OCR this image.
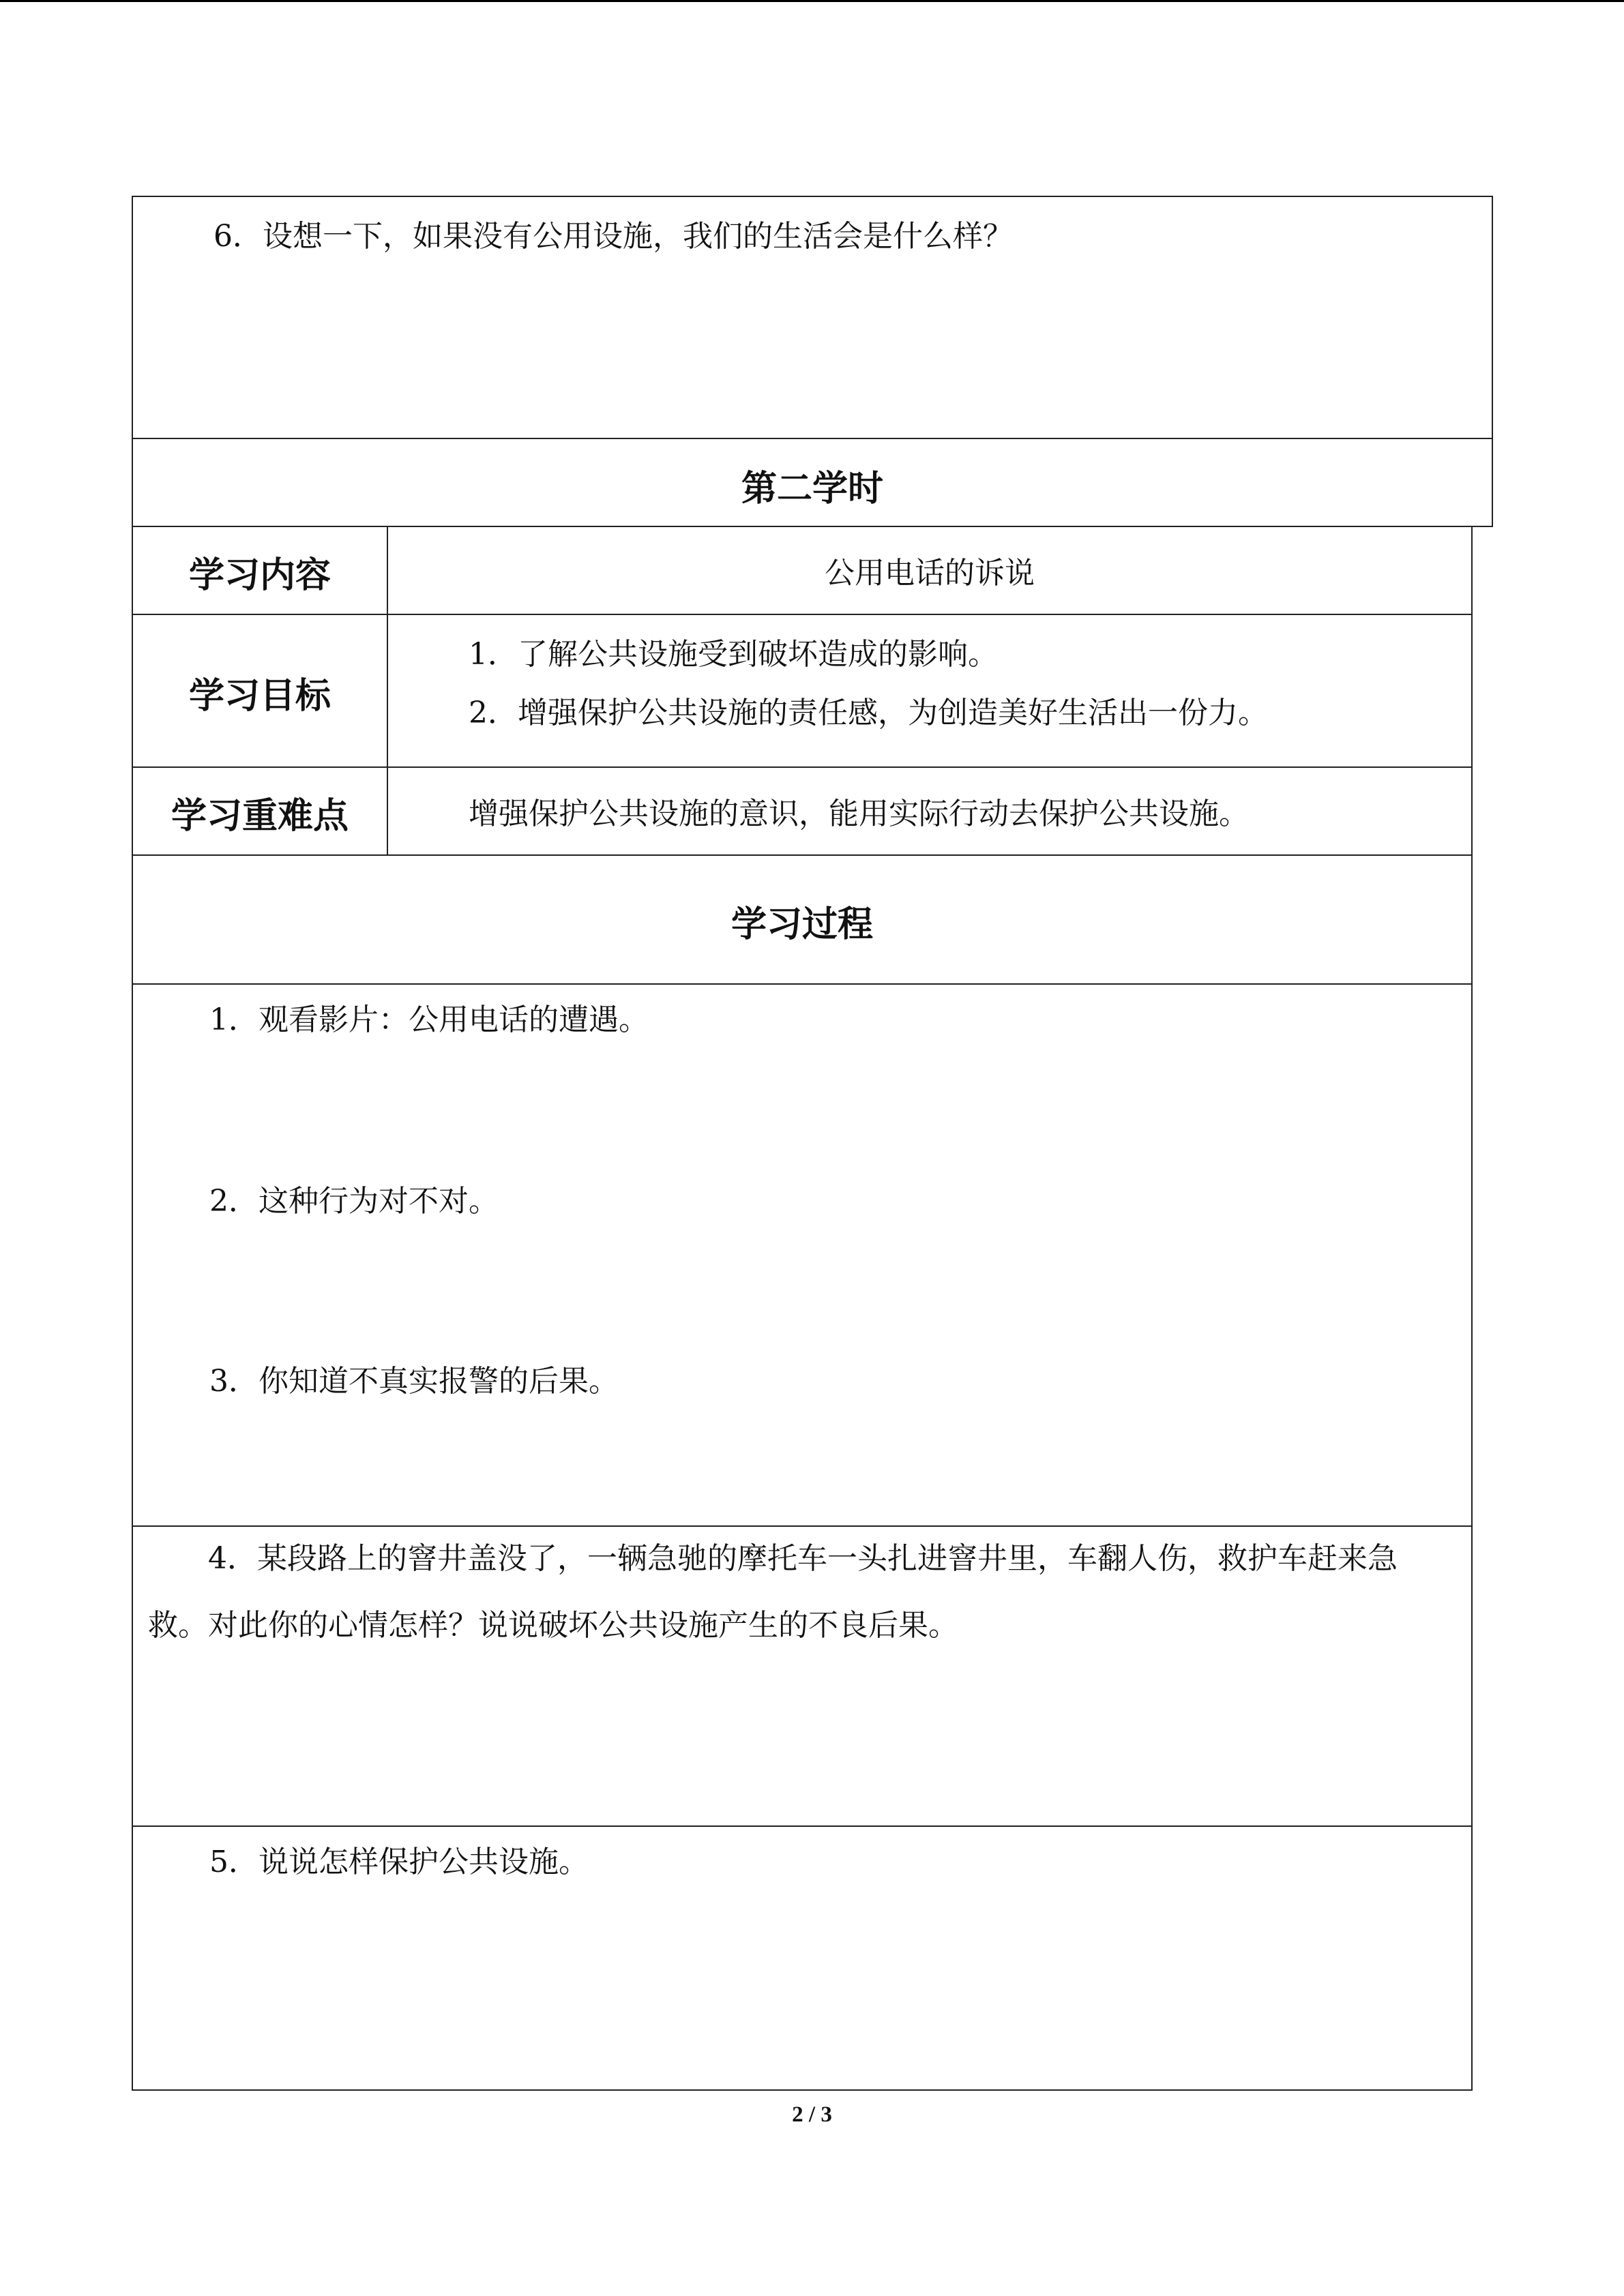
6．设想一下，如果没有公用设施，我们的生活会是什么样？
第二学时
学习内容	公用电话的诉说
学习目标
1．了解公共设施受到破坏造成的影响。
2．增强保护公共设施的责任感，为创造美好生活出一份力。
学习重难点	增强保护公共设施的意识，能用实际行动去保护公共设施。
学习过程
1．观看影片：公用电话的遭遇。
2．这种行为对不对。
3．你知道不真实报警的后果。
4．某段路上的窨井盖没了，一辆急驰的摩托车一头扎进窨井里，车翻人伤，救护车赶来急救。对此你的心情怎样？说说破坏公共设施产生的不良后果。
5．说说怎样保护公共设施。
2 / 3
